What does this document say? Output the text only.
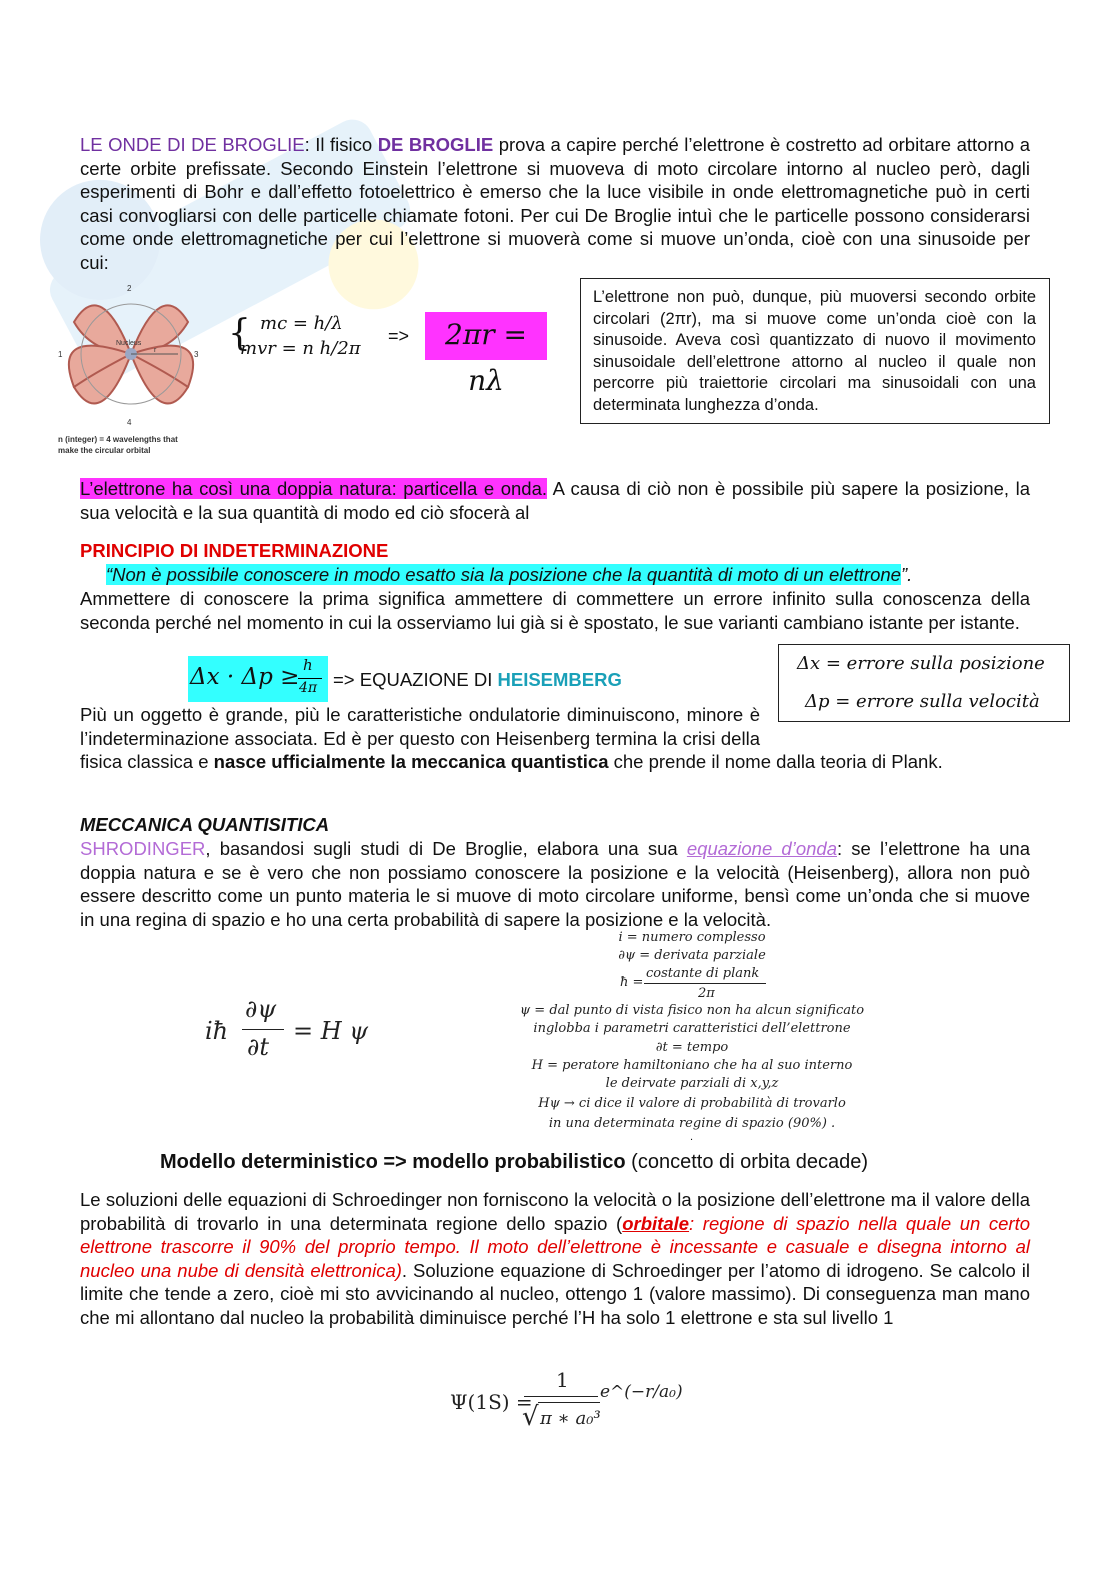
LE ONDE DI DE BROGLIE: Il fisico DE BROGLIE prova a capire perché l’elettrone è costretto ad orbitare attorno a certe orbite prefissate. Secondo Einstein l’elettrone si muoveva di moto circolare intorno al nucleo però, dagli esperimenti di Bohr e dall’effetto fotoelettrico è emerso che la luce visibile in onde elettromagnetiche può in certi casi convogliarsi con delle particelle chiamate fotoni. Per cui De Broglie intuì che le particelle possono considerarsi come onde elettromagnetiche per cui l’elettrone si muoverà come si muove un’onda, cioè con una sinusoide per cui:
Nucleus
r
2
1	3
4
n (integer) = 4 wavelengths that
make the circular orbital
{ mc = h/λ
mvr = n h/2π
=>	2πr = nλ
L’elettrone non può, dunque, più muoversi secondo orbite circolari (2πr), ma si muove come un’onda cioè con la sinusoide. Aveva così quantizzato di nuovo il movimento sinusoidale dell’elettrone attorno al nucleo il quale non percorre più traiettorie circolari ma sinusoidali con una determinata lunghezza d’onda.
L’elettrone ha così una doppia natura: particella e onda. A causa di ciò non è possibile più sapere la posizione, la sua velocità e la sua quantità di modo ed ciò sfocerà al
PRINCIPIO DI INDETERMINAZIONE
“Non è possibile conoscere in modo esatto sia la posizione che la quantità di moto di un elettrone”.
Ammettere di conoscere la prima significa ammettere di commettere un errore infinito sulla conoscenza della seconda perché nel momento in cui la osserviamo lui già si è spostato, le sue varianti cambiano istante per istante.
Δx · Δp ≥ h
4π => EQUAZIONE DI HEISEMBERG
Δx = errore sulla posizione
Δp = errore sulla velocità
Più un oggetto è grande, più le caratteristiche ondulatorie diminuiscono, minore è l’indeterminazione associata. Ed è per questo con Heisenberg termina la crisi della fisica classica e nasce ufficialmente la meccanica quantistica che prende il nome dalla teoria di Plank.
MECCANICA QUANTISITICA
SHRODINGER, basandosi sugli studi di De Broglie, elabora una sua equazione d’onda: se l’elettrone ha una doppia natura e se è vero che non possiamo conoscere la posizione e la velocità (Heisenberg), allora non può essere descritto come un punto materia le si muove di moto circolare uniforme, bensì come un’onda che si muove in una regina di spazio e ho una certa probabilità di sapere la posizione e la velocità.
iħ
∂ψ
∂t
= H ψ
i = numero complesso
∂ψ = derivata parziale
ħ =
costante di plank
2π
ψ = dal punto di vista fisico non ha alcun significato
inglobba i parametri caratteristici dell’elettrone
∂t = tempo
H = peratore hamiltoniano che ha al suo interno
le deirvate parziali di x,y,z
Hψ → ci dice il valore di probabilità di trovarlo
in una determinata regine di spazio (90%) .
.
Modello deterministico => modello probabilistico (concetto di orbita decade)
Le soluzioni delle equazioni di Schroedinger non forniscono la velocità o la posizione dell’elettrone ma il valore della probabilità di trovarlo in una determinata regione dello spazio (orbitale: regione di spazio nella quale un certo elettrone trascorre il 90% del proprio tempo. Il moto dell’elettrone è incessante e casuale e disegna intorno al nucleo una nube di densità elettronica). Soluzione equazione di Schroedinger per l’atomo di idrogeno. Se calcolo il limite che tende a zero, cioè mi sto avvicinando al nucleo, ottengo 1 (valore massimo). Di conseguenza man mano che mi allontano dal nucleo la probabilità diminuisce perché l’H ha solo 1 elettrone e sta sul livello 1
Ψ(1S) =
1
√ π ∗ a₀³
e^(−r/a₀)
